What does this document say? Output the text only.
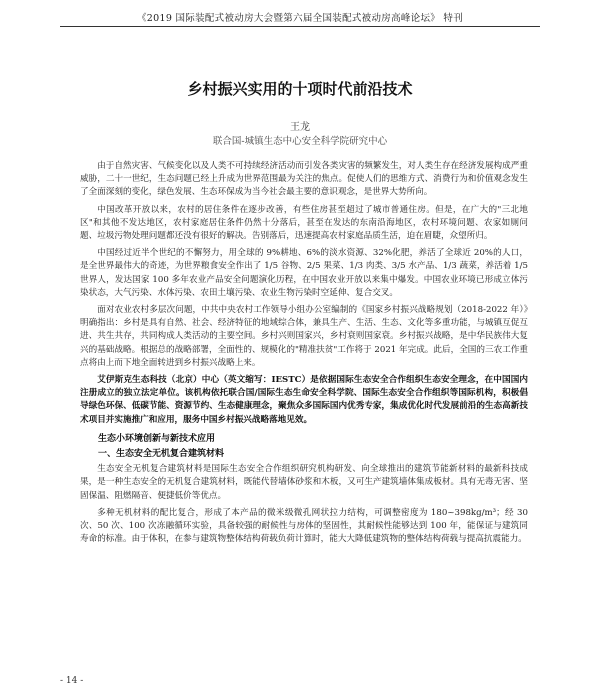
《2019 国际装配式被动房大会暨第六届全国装配式被动房高峰论坛》 特刊
乡村振兴实用的十项时代前沿技术
王龙
联合国-城镇生态中心安全科学院研究中心

由于自然灾害、气候变化以及人类不可持续经济活动而引发各类灾害的频繁发生，对人类生存在经济发展构成严重威胁，二十一世纪，生态问题已经上升成为世界范围最为关注的焦点。促使人们的思维方式、消费行为和价值观念发生了全面深刻的变化，绿色发展、生态环保成为当今社会最主要的意识观念，是世界大势所向。

中国改革开放以来，农村的居住条件在逐步改善，有些住房甚至超过了城市普通住房。但是，在广大的"三北地区"和其他不发达地区，农村家庭居住条件仍然十分落后，甚至在发达的东南沿海地区，农村环境问题、农家如厕问题、垃圾污物处理问题都还没有很好的解决。告别落后，迅速提高农村家庭品质生活，迫在眉睫，众望所归。

中国经过近半个世纪的不懈努力，用全球的 9%耕地、6%的淡水资源、32%化肥，养活了全球近 20%的人口，是全世界最伟大的奇迹，为世界粮食安全作出了 1/5 谷物、2/5 果菜、1/3 肉类、3/5 水产品、1/3 蔬菜，养活着 1/5 世界人，发达国家 100 多年农业产品安全问题演化历程，在中国农业开放以来集中爆发。中国农业环境已形成立体污染状态，大气污染、水体污染、农田土壤污染、农业生物污染时空延伸、复合交叉。

面对农业农村多层次问题，中共中央农村工作领导小组办公室编制的《国家乡村振兴战略规划（2018-2022 年）》明确指出：乡村是具有自然、社会、经济特征的地域综合体，兼具生产、生活、生态、文化等多重功能，与城镇互促互进、共生共存，共同构成人类活动的主要空间。乡村兴则国家兴，乡村衰则国家衰。乡村振兴战略，是中华民族伟大复兴的基础战略。根据总的战略部署，全面性的、规模化的"精准扶贫"工作将于 2021 年完成。此后，全国的三农工作重点将由上而下地全面转进到乡村振兴战略上来。

艾伊斯克生态科技（北京）中心（英文缩写：IESTC）是依据国际生态安全合作组织生态安全理念，在中国国内注册成立的独立法定单位。该机构依托联合国/国际生态生命安全科学院、国际生态安全合作组织等国际机构，积极倡导绿色环保、低碳节能、资源节约、生态健康理念，聚焦众多国际国内优秀专家，集成优化时代发展前沿的生态高新技术项目并实施推广和应用，服务中国乡村振兴战略落地见效。

生态小环境创新与新技术应用
一、生态安全无机复合建筑材料

生态安全无机复合建筑材料是国际生态安全合作组织研究机构研发、向全球推出的建筑节能新材料的最新科技成果，是一种生态安全的无机复合建筑材料，既能代替墙体砂浆和木板，又可生产建筑墙体集成板材。具有无毒无害、坚固保温、阻燃隔音、便捷低价等优点。

多种无机材料的配比复合，形成了本产品的微米级微孔网状拉力结构，可调整密度为 180~398kg/m³；经 30 次、50 次、100 次冻融循环实验，具备较强的耐候性与房体的坚固性，其耐候性能够达到 100 年，能保证与建筑同寿命的标准。由于体积，在参与建筑物整体结构荷载负荷计算时，能大大降低建筑物的整体结构荷载与提高抗震能力。

- 14 -
